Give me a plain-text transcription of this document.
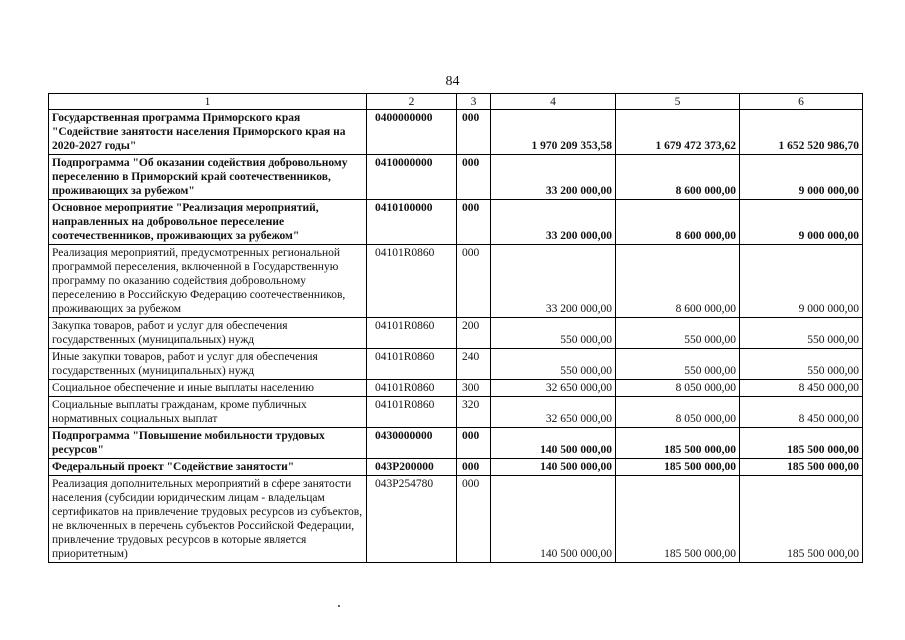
84
1	2	3	4	5	6
Государственная программа Приморского края "Содействие занятости населения Приморского края на 2020-2027 годы"	0400000000	000	1 970 209 353,58	1 679 472 373,62	1 652 520 986,70
Подпрограмма "Об оказании содействия добровольному переселению в Приморский край соотечественников, проживающих за рубежом"	0410000000	000	33 200 000,00	8 600 000,00	9 000 000,00
Основное мероприятие "Реализация мероприятий, направленных на добровольное переселение соотечественников, проживающих за рубежом"	0410100000	000	33 200 000,00	8 600 000,00	9 000 000,00
Реализация мероприятий, предусмотренных региональной программой переселения, включенной в Государственную программу по оказанию содействия добровольному переселению в Российскую Федерацию соотечественников, проживающих за рубежом	04101R0860	000	33 200 000,00	8 600 000,00	9 000 000,00
Закупка товаров, работ и услуг для обеспечения государственных (муниципальных) нужд	04101R0860	200	550 000,00	550 000,00	550 000,00
Иные закупки товаров, работ и услуг для обеспечения государственных (муниципальных) нужд	04101R0860	240	550 000,00	550 000,00	550 000,00
Социальное обеспечение и иные выплаты населению	04101R0860	300	32 650 000,00	8 050 000,00	8 450 000,00
Социальные выплаты гражданам, кроме публичных нормативных социальных выплат	04101R0860	320	32 650 000,00	8 050 000,00	8 450 000,00
Подпрограмма "Повышение мобильности трудовых ресурсов"	0430000000	000	140 500 000,00	185 500 000,00	185 500 000,00
Федеральный проект "Содействие занятости"	043P200000	000	140 500 000,00	185 500 000,00	185 500 000,00
Реализация дополнительных мероприятий в сфере занятости населения (субсидии юридическим лицам - владельцам сертификатов на привлечение трудовых ресурсов из субъектов, не включенных в перечень субъектов Российской Федерации, привлечение трудовых ресурсов в которые является приоритетным)	043P254780	000	140 500 000,00	185 500 000,00	185 500 000,00
